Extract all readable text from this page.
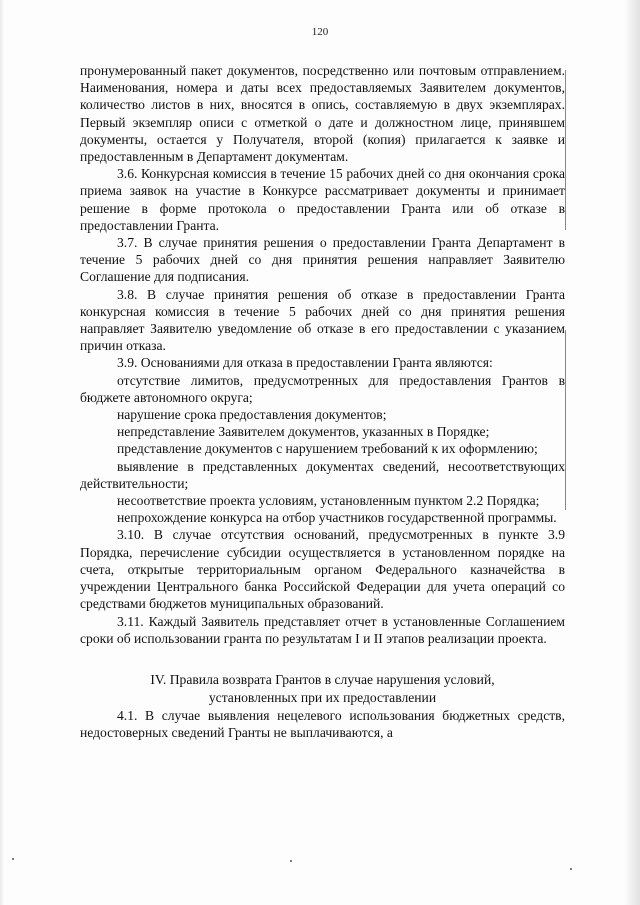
120

пронумерованный пакет документов, посредственно или почтовым отправлением. Наименования, номера и даты всех предоставляемых Заявителем документов, количество листов в них, вносятся в опись, составляемую в двух экземплярах. Первый экземпляр описи с отметкой о дате и должностном лице, принявшем документы, остается у Получателя, второй (копия) прилагается к заявке и предоставленным в Департамент документам.

3.6. Конкурсная комиссия в течение 15 рабочих дней со дня окончания срока приема заявок на участие в Конкурсе рассматривает документы и принимает решение в форме протокола о предоставлении Гранта или об отказе в предоставлении Гранта.

3.7. В случае принятия решения о предоставлении Гранта Департамент в течение 5 рабочих дней со дня принятия решения направляет Заявителю Соглашение для подписания.

3.8. В случае принятия решения об отказе в предоставлении Гранта конкурсная комиссия в течение 5 рабочих дней со дня принятия решения направляет Заявителю уведомление об отказе в его предоставлении с указанием причин отказа.

3.9. Основаниями для отказа в предоставлении Гранта являются:

отсутствие лимитов, предусмотренных для предоставления Грантов в бюджете автономного округа;

нарушение срока предоставления документов;

непредставление Заявителем документов, указанных в Порядке;

представление документов с нарушением требований к их оформлению;

выявление в представленных документах сведений, несоответствующих действительности;

несоответствие проекта условиям, установленным пунктом 2.2 Порядка;

непрохождение конкурса на отбор участников государственной программы.

3.10. В случае отсутствия оснований, предусмотренных в пункте 3.9 Порядка, перечисление субсидии осуществляется в установленном порядке на счета, открытые территориальным органом Федерального казначейства в учреждении Центрального банка Российской Федерации для учета операций со средствами бюджетов муниципальных образований.

3.11. Каждый Заявитель представляет отчет в установленные Соглашением сроки об использовании гранта по результатам I и II этапов реализации проекта.

IV. Правила возврата Грантов в случае нарушения условий,
установленных при их предоставлении

4.1. В случае выявления нецелевого использования бюджетных средств, недостоверных сведений Гранты не выплачиваются, а
